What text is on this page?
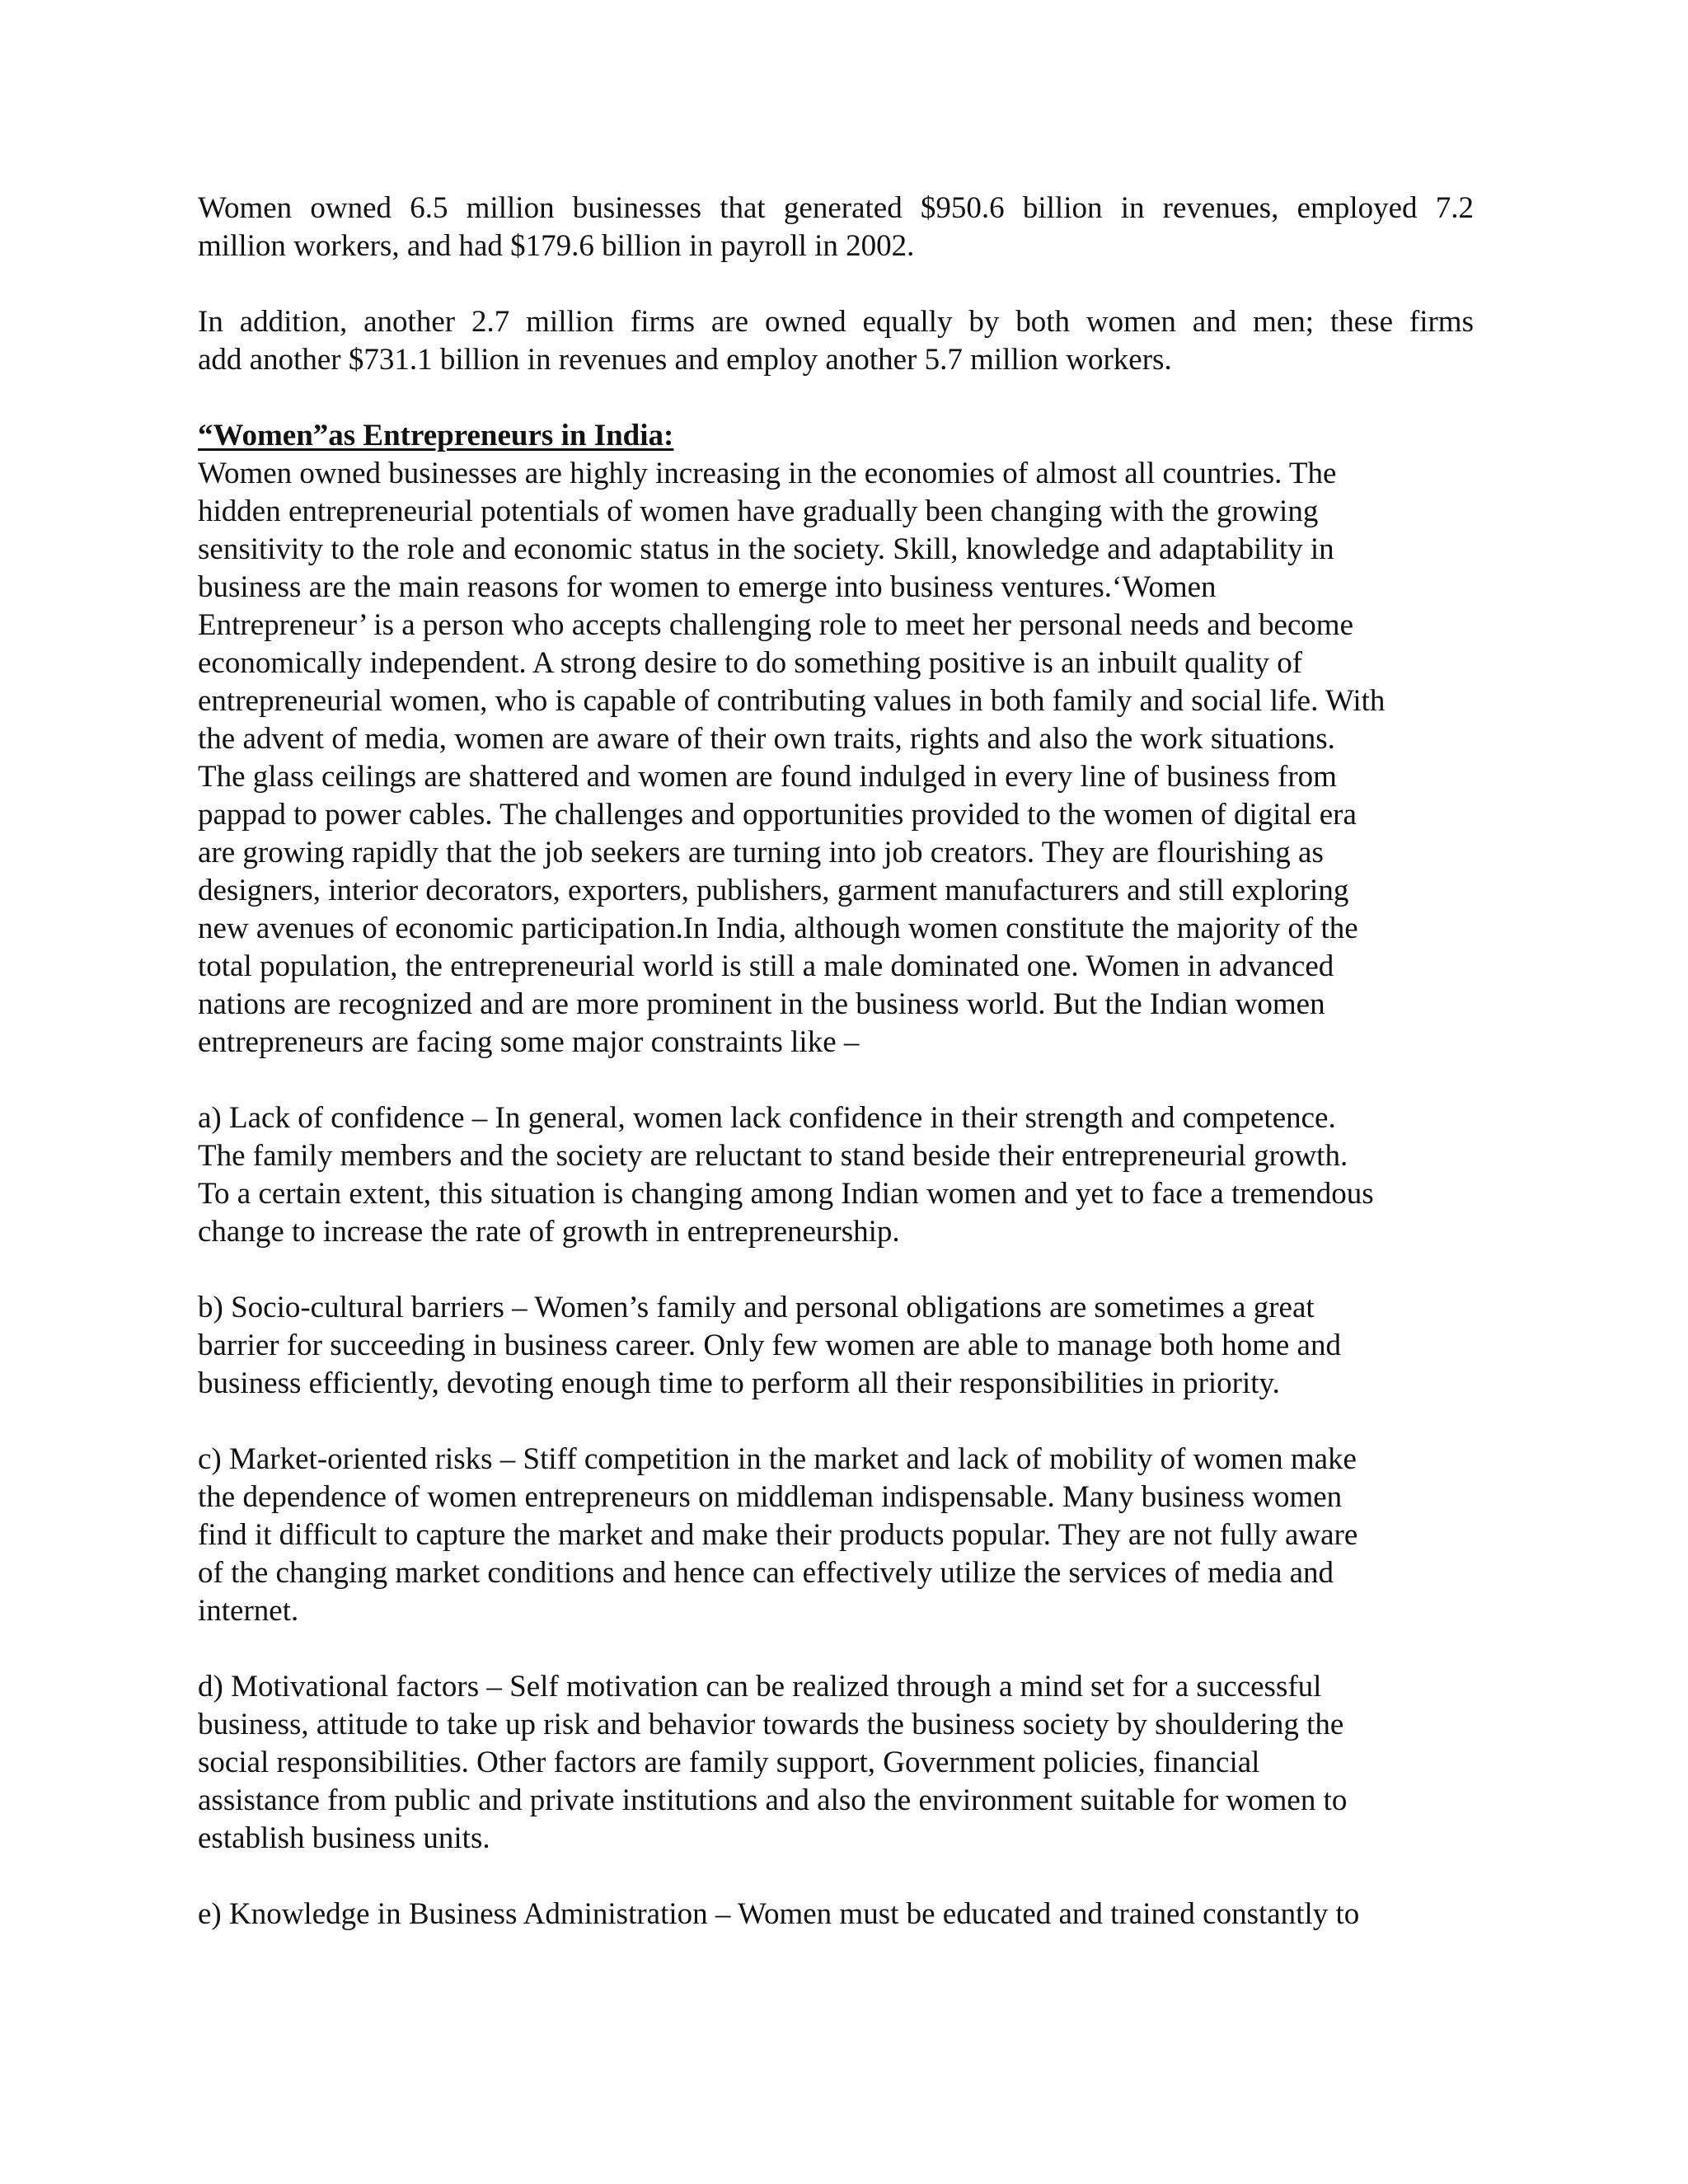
Women owned 6.5 million businesses that generated $950.6 billion in revenues, employed 7.2
million workers, and had $179.6 billion in payroll in 2002.
In addition, another 2.7 million firms are owned equally by both women and men; these firms
add another $731.1 billion in revenues and employ another 5.7 million workers.
“Women”as Entrepreneurs in India:
Women owned businesses are highly increasing in the economies of almost all countries. The
hidden entrepreneurial potentials of women have gradually been changing with the growing
sensitivity to the role and economic status in the society. Skill, knowledge and adaptability in
business are the main reasons for women to emerge into business ventures.‘Women
Entrepreneur’ is a person who accepts challenging role to meet her personal needs and become
economically independent. A strong desire to do something positive is an inbuilt quality of
entrepreneurial women, who is capable of contributing values in both family and social life. With
the advent of media, women are aware of their own traits, rights and also the work situations.
The glass ceilings are shattered and women are found indulged in every line of business from
pappad to power cables. The challenges and opportunities provided to the women of digital era
are growing rapidly that the job seekers are turning into job creators. They are flourishing as
designers, interior decorators, exporters, publishers, garment manufacturers and still exploring
new avenues of economic participation.In India, although women constitute the majority of the
total population, the entrepreneurial world is still a male dominated one. Women in advanced
nations are recognized and are more prominent in the business world. But the Indian women
entrepreneurs are facing some major constraints like –
a) Lack of confidence – In general, women lack confidence in their strength and competence.
The family members and the society are reluctant to stand beside their entrepreneurial growth.
To a certain extent, this situation is changing among Indian women and yet to face a tremendous
change to increase the rate of growth in entrepreneurship.
b) Socio-cultural barriers – Women’s family and personal obligations are sometimes a great
barrier for succeeding in business career. Only few women are able to manage both home and
business efficiently, devoting enough time to perform all their responsibilities in priority.
c) Market-oriented risks – Stiff competition in the market and lack of mobility of women make
the dependence of women entrepreneurs on middleman indispensable. Many business women
find it difficult to capture the market and make their products popular. They are not fully aware
of the changing market conditions and hence can effectively utilize the services of media and
internet.
d) Motivational factors – Self motivation can be realized through a mind set for a successful
business, attitude to take up risk and behavior towards the business society by shouldering the
social responsibilities. Other factors are family support, Government policies, financial
assistance from public and private institutions and also the environment suitable for women to
establish business units.
e) Knowledge in Business Administration – Women must be educated and trained constantly to
